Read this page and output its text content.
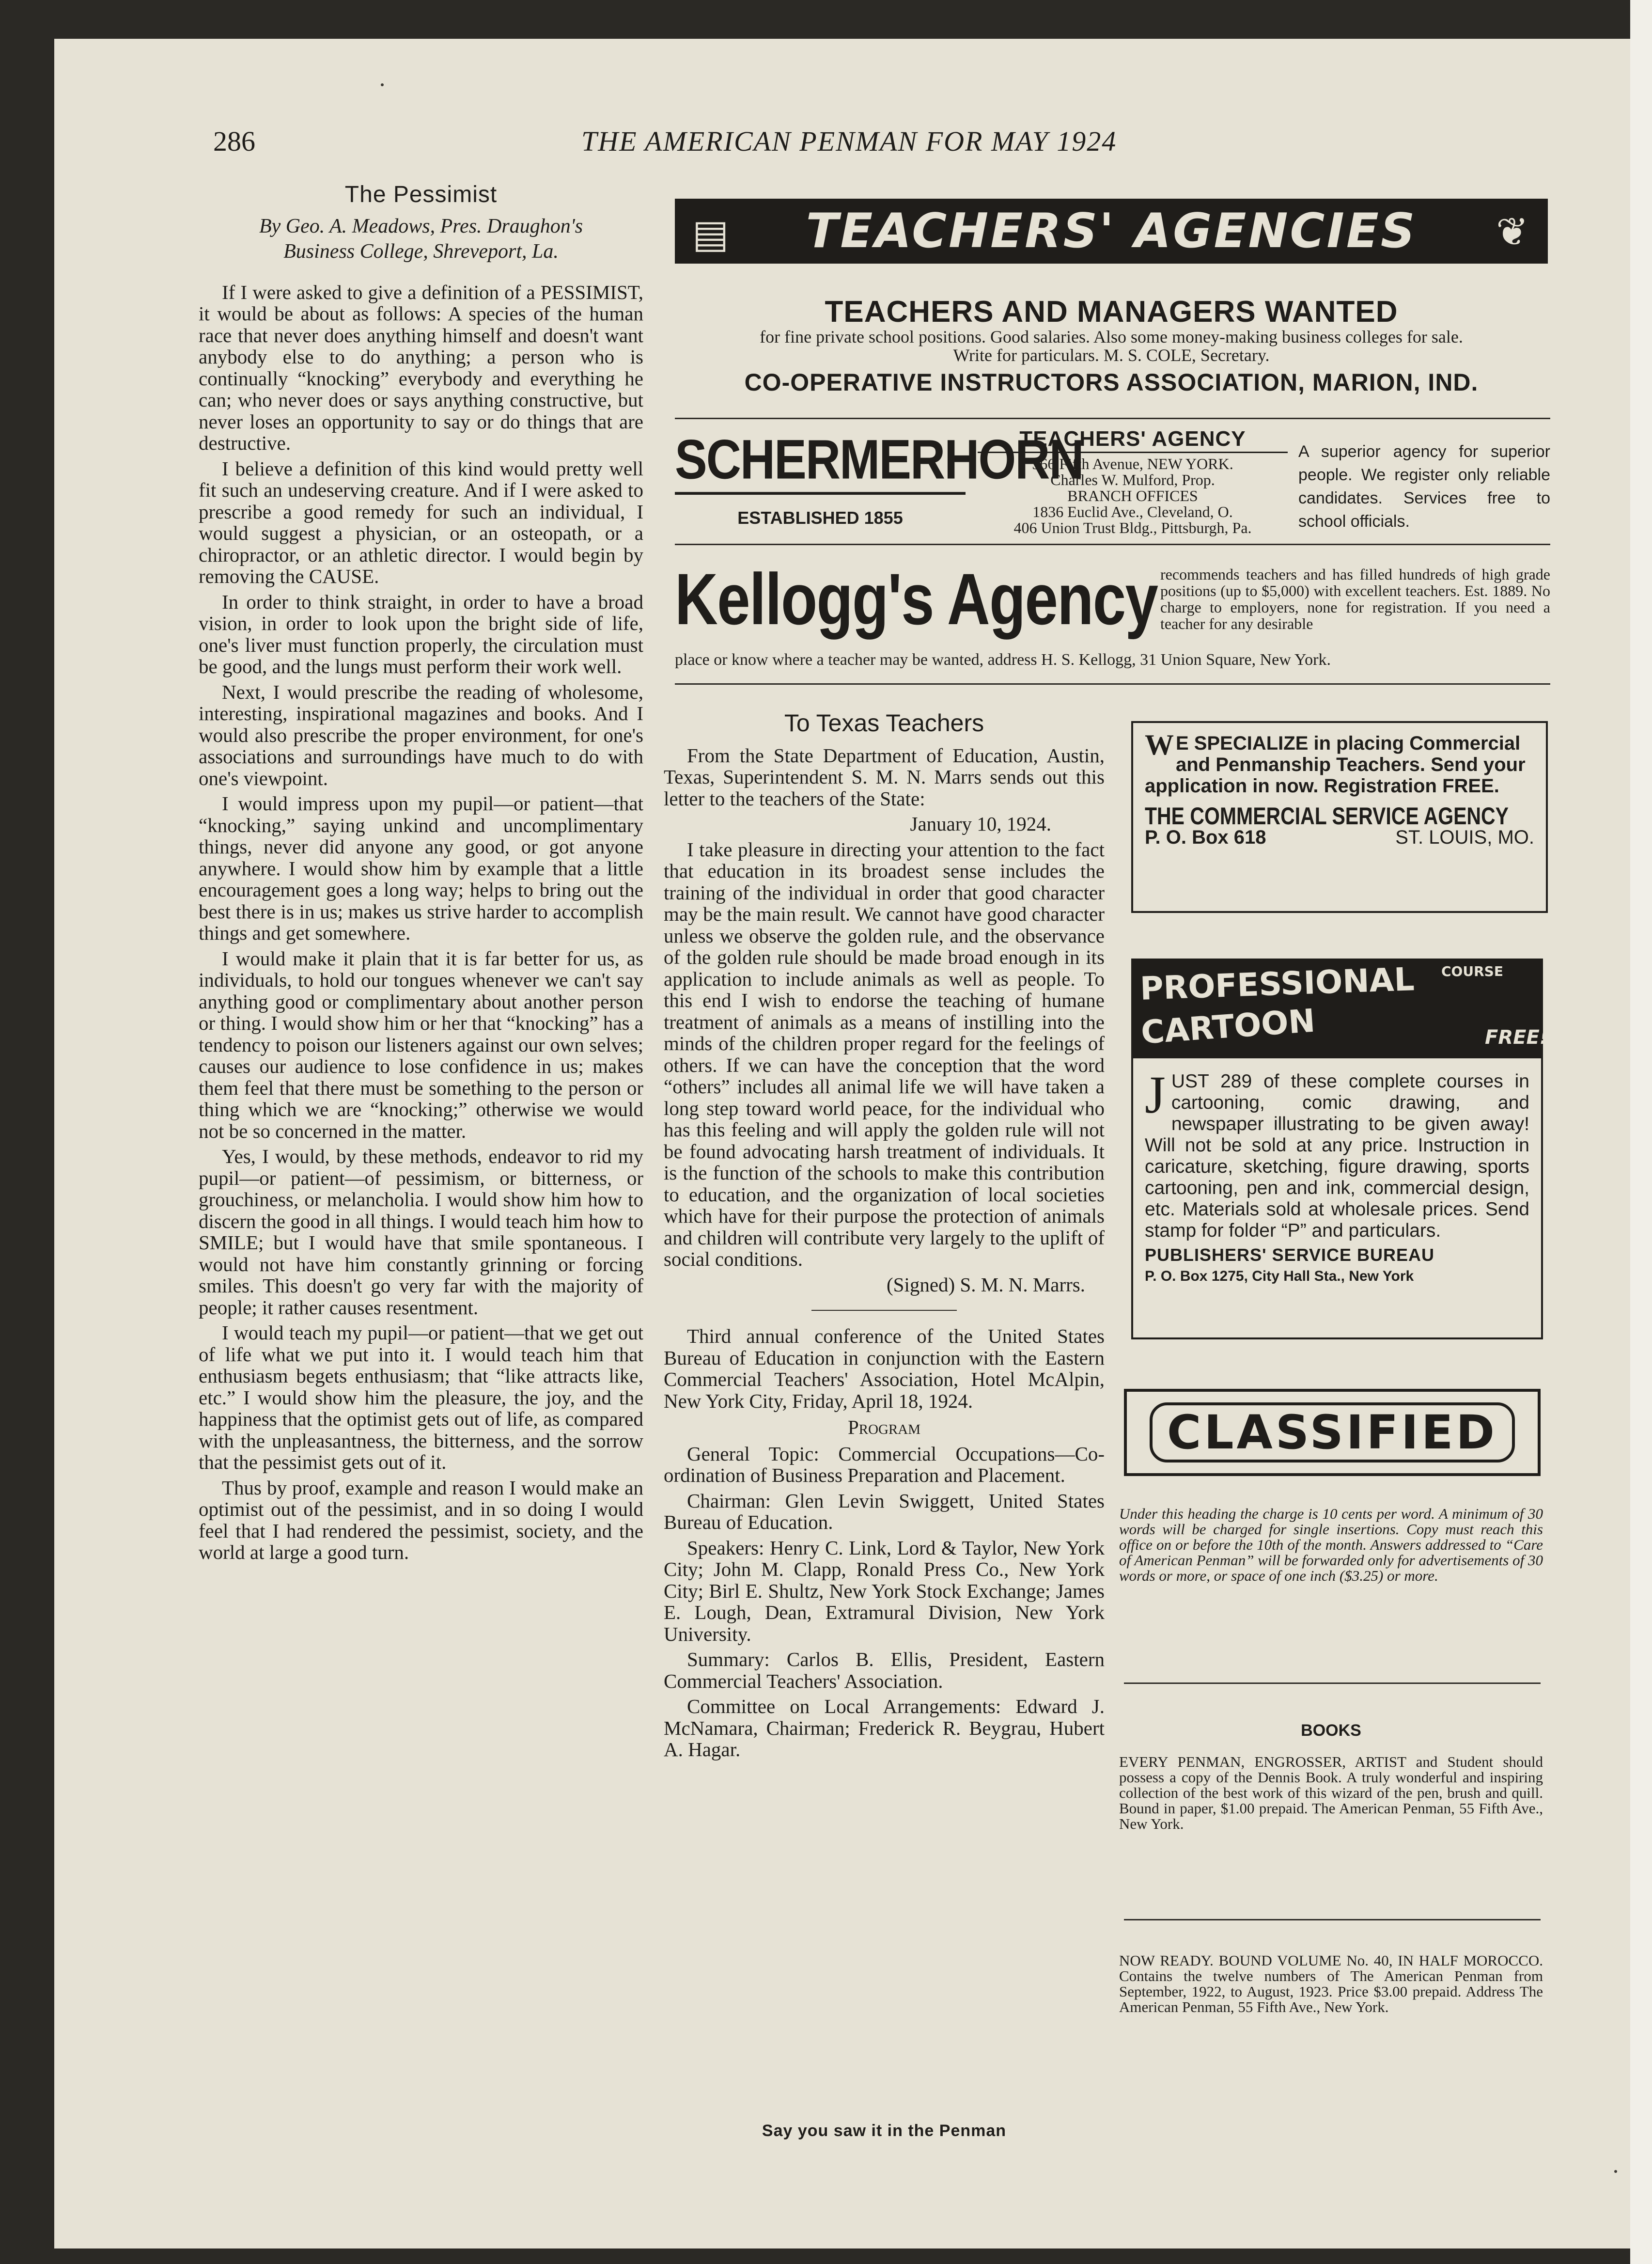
286	THE AMERICAN PENMAN FOR MAY 1924
The Pessimist
By Geo. A. Meadows, Pres. Draughon's
Business College, Shreveport, La.

If I were asked to give a definition of a PESSIMIST, it would be about as follows: A species of the human race that never does anything himself and doesn't want anybody else to do anything; a person who is continually “knocking” everybody and everything he can; who never does or says anything constructive, but never loses an opportunity to say or do things that are destructive.

I believe a definition of this kind would pretty well fit such an undeserving creature. And if I were asked to prescribe a good remedy for such an individual, I would suggest a physician, or an osteopath, or a chiropractor, or an athletic director. I would begin by removing the CAUSE.

In order to think straight, in order to have a broad vision, in order to look upon the bright side of life, one's liver must function properly, the circulation must be good, and the lungs must perform their work well.

Next, I would prescribe the reading of wholesome, interesting, inspirational magazines and books. And I would also prescribe the proper environment, for one's associations and surroundings have much to do with one's viewpoint.

I would impress upon my pupil—or patient—that “knocking,” saying unkind and uncomplimentary things, never did anyone any good, or got anyone anywhere. I would show him by example that a little encouragement goes a long way; helps to bring out the best there is in us; makes us strive harder to accomplish things and get somewhere.

I would make it plain that it is far better for us, as individuals, to hold our tongues whenever we can't say anything good or complimentary about another person or thing. I would show him or her that “knocking” has a tendency to poison our listeners against our own selves; causes our audience to lose confidence in us; makes them feel that there must be something to the person or thing which we are “knocking;” otherwise we would not be so concerned in the matter.

Yes, I would, by these methods, endeavor to rid my pupil—or patient—of pessimism, or bitterness, or grouchiness, or melancholia. I would show him how to discern the good in all things. I would teach him how to SMILE; but I would have that smile spontaneous. I would not have him constantly grinning or forcing smiles. This doesn't go very far with the majority of people; it rather causes resentment.

I would teach my pupil—or patient—that we get out of life what we put into it. I would teach him that enthusiasm begets enthusiasm; that “like attracts like, etc.” I would show him the pleasure, the joy, and the happiness that the optimist gets out of life, as compared with the unpleasantness, the bitterness, and the sorrow that the pessimist gets out of it.

Thus by proof, example and reason I would make an optimist out of the pessimist, and in so doing I would feel that I had rendered the pessimist, society, and the world at large a good turn.

▤ TEACHERS' AGENCIES ❦
TEACHERS AND MANAGERS WANTED
for fine private school positions. Good salaries. Also some money-making business colleges for sale.
Write for particulars. M. S. COLE, Secretary.
CO-OPERATIVE INSTRUCTORS ASSOCIATION, MARION, IND.
SCHERMERHORN
ESTABLISHED 1855
TEACHERS' AGENCY
366 Fifth Avenue, NEW YORK.
Charles W. Mulford, Prop.
BRANCH OFFICES
1836 Euclid Ave., Cleveland, O.
406 Union Trust Bldg., Pittsburgh, Pa.
A superior agency for superior people. We register only reliable candidates. Services free to school officials.
Kellogg's Agency recommends teachers and has filled hundreds of high grade positions (up to $5,000) with excellent teachers. Est. 1889. No charge to employers, none for registration. If you need a teacher for any desirable
place or know where a teacher may be wanted, address H. S. Kellogg, 31 Union Square, New York.
To Texas Teachers

From the State Department of Education, Austin, Texas, Superintendent S. M. N. Marrs sends out this letter to the teachers of the State:

January 10, 1924.

I take pleasure in directing your attention to the fact that education in its broadest sense includes the training of the individual in order that good character may be the main result. We cannot have good character unless we observe the golden rule, and the observance of the golden rule should be made broad enough in its application to include animals as well as people. To this end I wish to endorse the teaching of humane treatment of animals as a means of instilling into the minds of the children proper regard for the feelings of others. If we can have the conception that the word “others” includes all animal life we will have taken a long step toward world peace, for the individual who has this feeling and will apply the golden rule will not be found advocating harsh treatment of individuals. It is the function of the schools to make this contribution to education, and the organization of local societies which have for their purpose the protection of animals and children will contribute very largely to the uplift of social conditions.

(Signed) S. M. N. Marrs.

Third annual conference of the United States Bureau of Education in conjunction with the Eastern Commercial Teachers' Association, Hotel McAlpin, New York City, Friday, April 18, 1924.

Program

General Topic: Commercial Occupations—Co-ordination of Business Preparation and Placement.

Chairman: Glen Levin Swiggett, United States Bureau of Education.

Speakers: Henry C. Link, Lord & Taylor, New York City; John M. Clapp, Ronald Press Co., New York City; Birl E. Shultz, New York Stock Exchange; James E. Lough, Dean, Extramural Division, New York University.

Summary: Carlos B. Ellis, President, Eastern Commercial Teachers' Association.

Committee on Local Arrangements: Edward J. McNamara, Chairman; Frederick R. Beygrau, Hubert A. Hagar.

Say you saw it in the Penman
W E SPECIALIZE in placing Commercial and Penmanship Teachers. Send your application in now. Registration FREE.
THE COMMERCIAL SERVICE AGENCY
P. O. Box 618	ST. LOUIS, MO.
PROFESSIONAL
CARTOON
COURSE
FREE!
J UST 289 of these complete courses in cartooning, comic drawing, and newspaper illustrating to be given away! Will not be sold at any price. Instruction in caricature, sketching, figure drawing, sports cartooning, pen and ink, commercial design, etc. Materials sold at wholesale prices. Send stamp for folder “P” and particulars.
PUBLISHERS' SERVICE BUREAU
P. O. Box 1275, City Hall Sta., New York
CLASSIFIED
Under this heading the charge is 10 cents per word. A minimum of 30 words will be charged for single insertions. Copy must reach this office on or before the 10th of the month. Answers addressed to “Care of American Penman” will be forwarded only for advertisements of 30 words or more, or space of one inch ($3.25) or more.
BOOKS
EVERY PENMAN, ENGROSSER, ARTIST and Student should possess a copy of the Dennis Book. A truly wonderful and inspiring collection of the best work of this wizard of the pen, brush and quill. Bound in paper, $1.00 prepaid. The American Penman, 55 Fifth Ave., New York.
NOW READY. BOUND VOLUME No. 40, IN HALF MOROCCO. Contains the twelve numbers of The American Penman from September, 1922, to August, 1923. Price $3.00 prepaid. Address The American Penman, 55 Fifth Ave., New York.
